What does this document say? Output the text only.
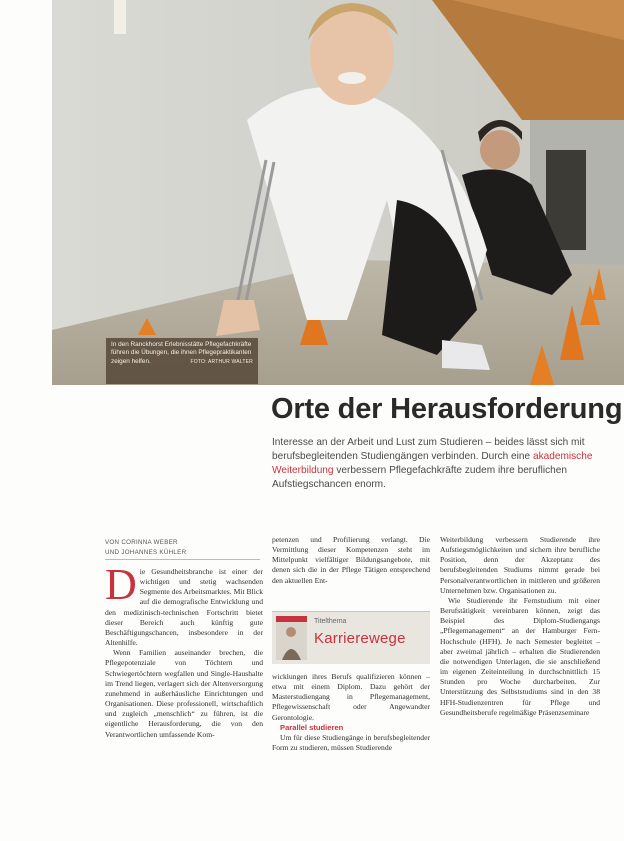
In den Ranckhorst Erlebnisstätte Pflegefachkräfte führen die Übungen, die ihnen Pflegepraktikanten zeigen helfen.	FOTO: ARTHUR WALTER
Orte der Herausforderung
Interesse an der Arbeit und Lust zum Studieren – beides lässt sich mit berufsbegleitenden Studiengängen verbinden. Durch eine akademische Weiterbildung verbessern Pflegefachkräfte zudem ihre beruflichen Aufstiegschancen enorm.
VON CORINNA WEBER
UND JOHANNES KÜHLER

Die Gesundheitsbranche ist einer der wichtigen und stetig wachsenden Segmente des Arbeitsmarktes. Mit Blick auf die demografische Entwicklung und den medizinisch-technischen Fortschritt bietet dieser Bereich auch künftig gute Beschäftigungschancen, insbesondere in der Altenhilfe.

Wenn Familien auseinander brechen, die Pflegepotenziale von Töchtern und Schwiegertöchtern wegfallen und Single-Haushalte im Trend liegen, verlagert sich der Altenversorgung zunehmend in außerhäusliche Einrichtungen und Organisationen. Diese professionell, wirtschaftlich und zugleich „menschlich“ zu führen, ist die eigentliche Herausforderung, die von den Verantwortlichen umfassende Kom-

petenzen und Profilierung verlangt. Die Vermittlung dieser Kompetenzen steht im Mittelpunkt vielfältiger Bildungsangebote, mit denen sich die in der Pflege Tätigen entsprechend den aktuellen Ent-

Titelthema
Karrierewege

wicklungen ihres Berufs qualifizieren können – etwa mit einem Diplom. Dazu gehört der Masterstudiengang in Pflegemanagement, Pflegewissenschaft oder Angewandter Gerontologie.

Parallel studieren

Um für diese Studiengänge in berufsbegleitender Form zu studieren, müssen Studierende

Weiterbildung verbessern Studierende ihre Aufstiegsmöglichkeiten und sichern ihre berufliche Position, denn der Akzeptanz des berufsbegleitenden Studiums nimmt gerade bei Personalverantwortlichen in mittleren und größeren Unternehmen bzw. Organisationen zu.

Wie Studierende ihr Fernstudium mit einer Berufstätigkeit vereinbaren können, zeigt das Beispiel des Diplom-Studiengangs „Pflegemanagement“ an der Hamburger Fern-Hochschule (HFH). Je nach Semester begleitet – aber zweimal jährlich – erhalten die Studierenden die notwendigen Unterlagen, die sie anschließend im eigenen Zeiteinteilung in durchschnittlich 15 Stunden pro Woche durcharbeiten. Zur Unterstützung des Selbststudiums sind in den 38 HFH-Studienzentren für Pflege und Gesundheitsberufe regelmäßige Präsenzseminare
